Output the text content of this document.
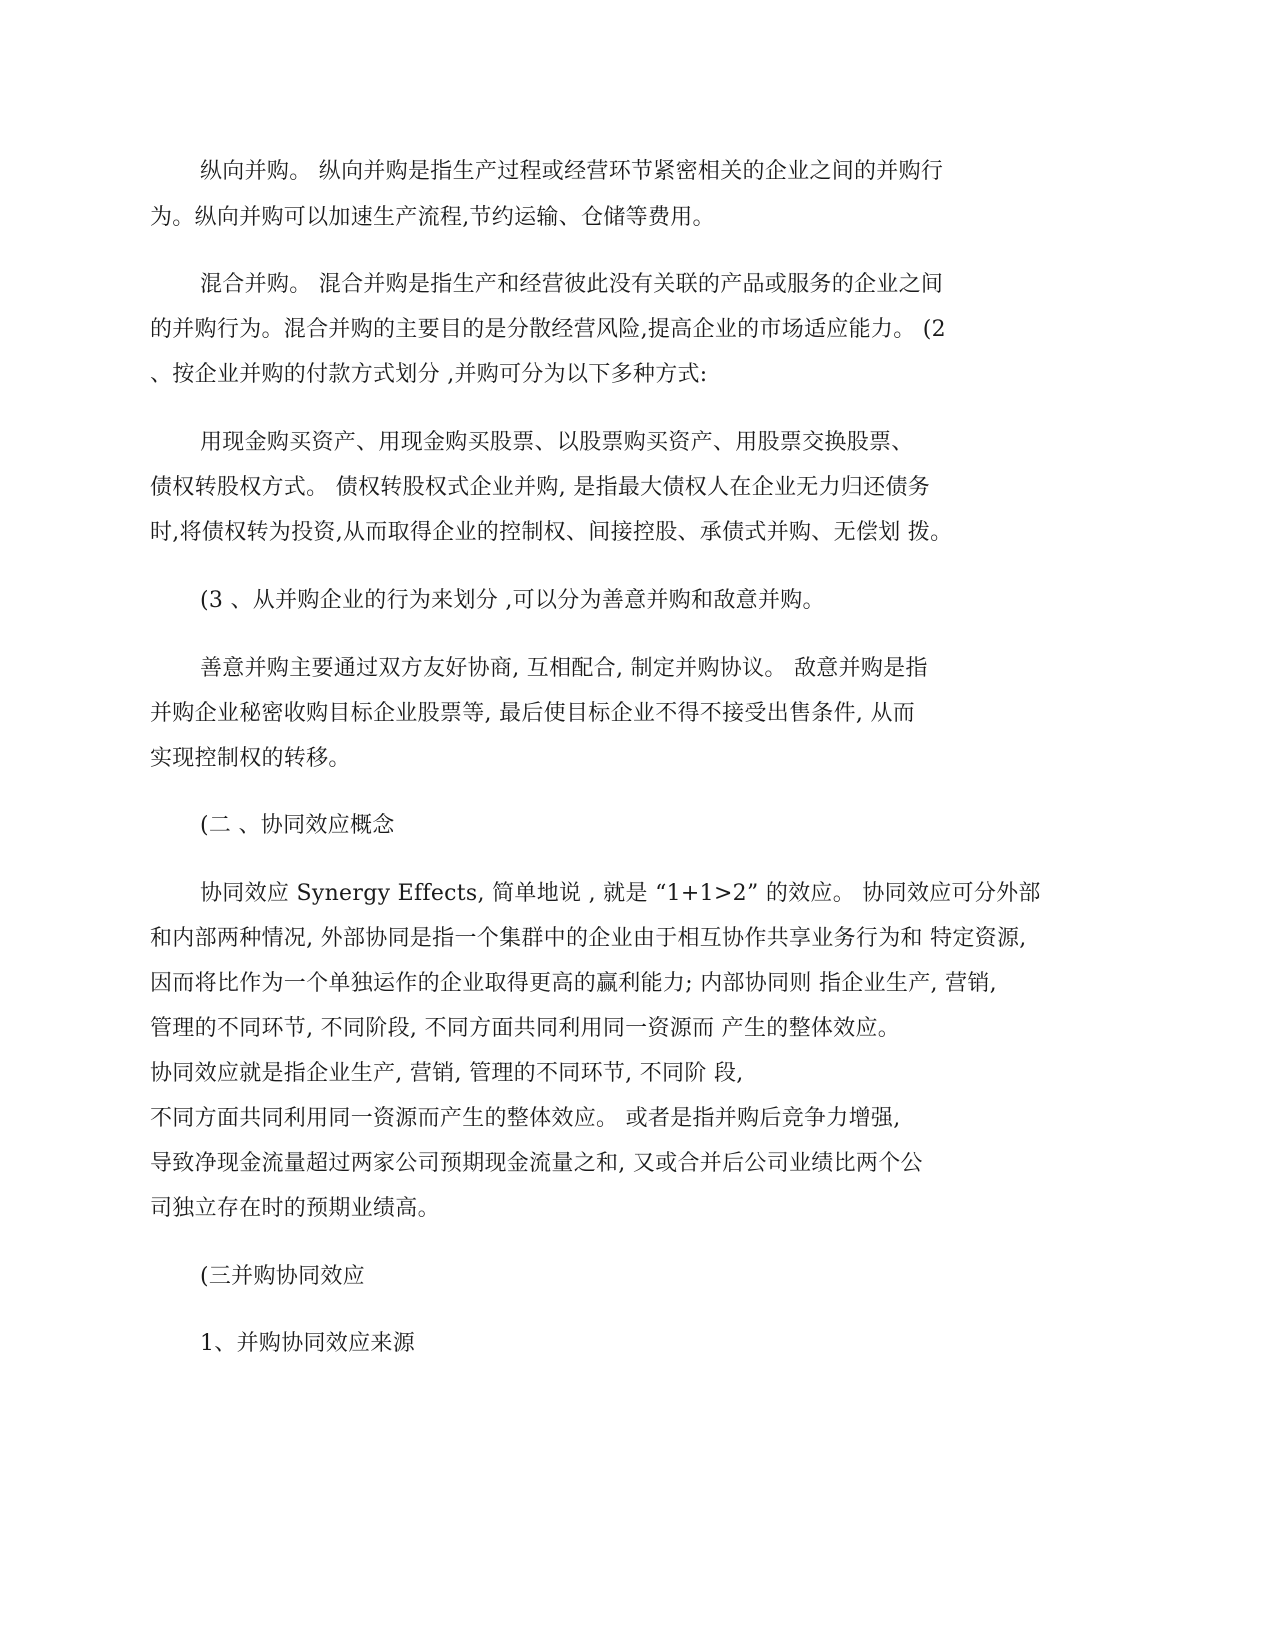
纵向并购。 纵向并购是指生产过程或经营环节紧密相关的企业之间的并购行
为。纵向并购可以加速生产流程,节约运输、仓储等费用。
混合并购。 混合并购是指生产和经营彼此没有关联的产品或服务的企业之间
的并购行为。混合并购的主要目的是分散经营风险,提高企业的市场适应能力。 (2
、按企业并购的付款方式划分 ,并购可分为以下多种方式:
用现金购买资产、用现金购买股票、以股票购买资产、用股票交换股票、
债权转股权方式。 债权转股权式企业并购, 是指最大债权人在企业无力归还债务
时,将债权转为投资,从而取得企业的控制权、间接控股、承债式并购、无偿划 拨。
(3 、从并购企业的行为来划分 ,可以分为善意并购和敌意并购。
善意并购主要通过双方友好协商, 互相配合, 制定并购协议。 敌意并购是指
并购企业秘密收购目标企业股票等, 最后使目标企业不得不接受出售条件, 从而
实现控制权的转移。
(二 、协同效应概念
协同效应 Synergy Effects, 简单地说 , 就是 “1+1>2” 的效应。 协同效应可分外部
和内部两种情况, 外部协同是指一个集群中的企业由于相互协作共享业务行为和 特定资源,
因而将比作为一个单独运作的企业取得更高的赢利能力; 内部协同则 指企业生产, 营销,
管理的不同环节, 不同阶段, 不同方面共同利用同一资源而 产生的整体效应。
协同效应就是指企业生产, 营销, 管理的不同环节, 不同阶 段,
不同方面共同利用同一资源而产生的整体效应。 或者是指并购后竞争力增强,
导致净现金流量超过两家公司预期现金流量之和, 又或合并后公司业绩比两个公
司独立存在时的预期业绩高。
(三并购协同效应
1、并购协同效应来源
